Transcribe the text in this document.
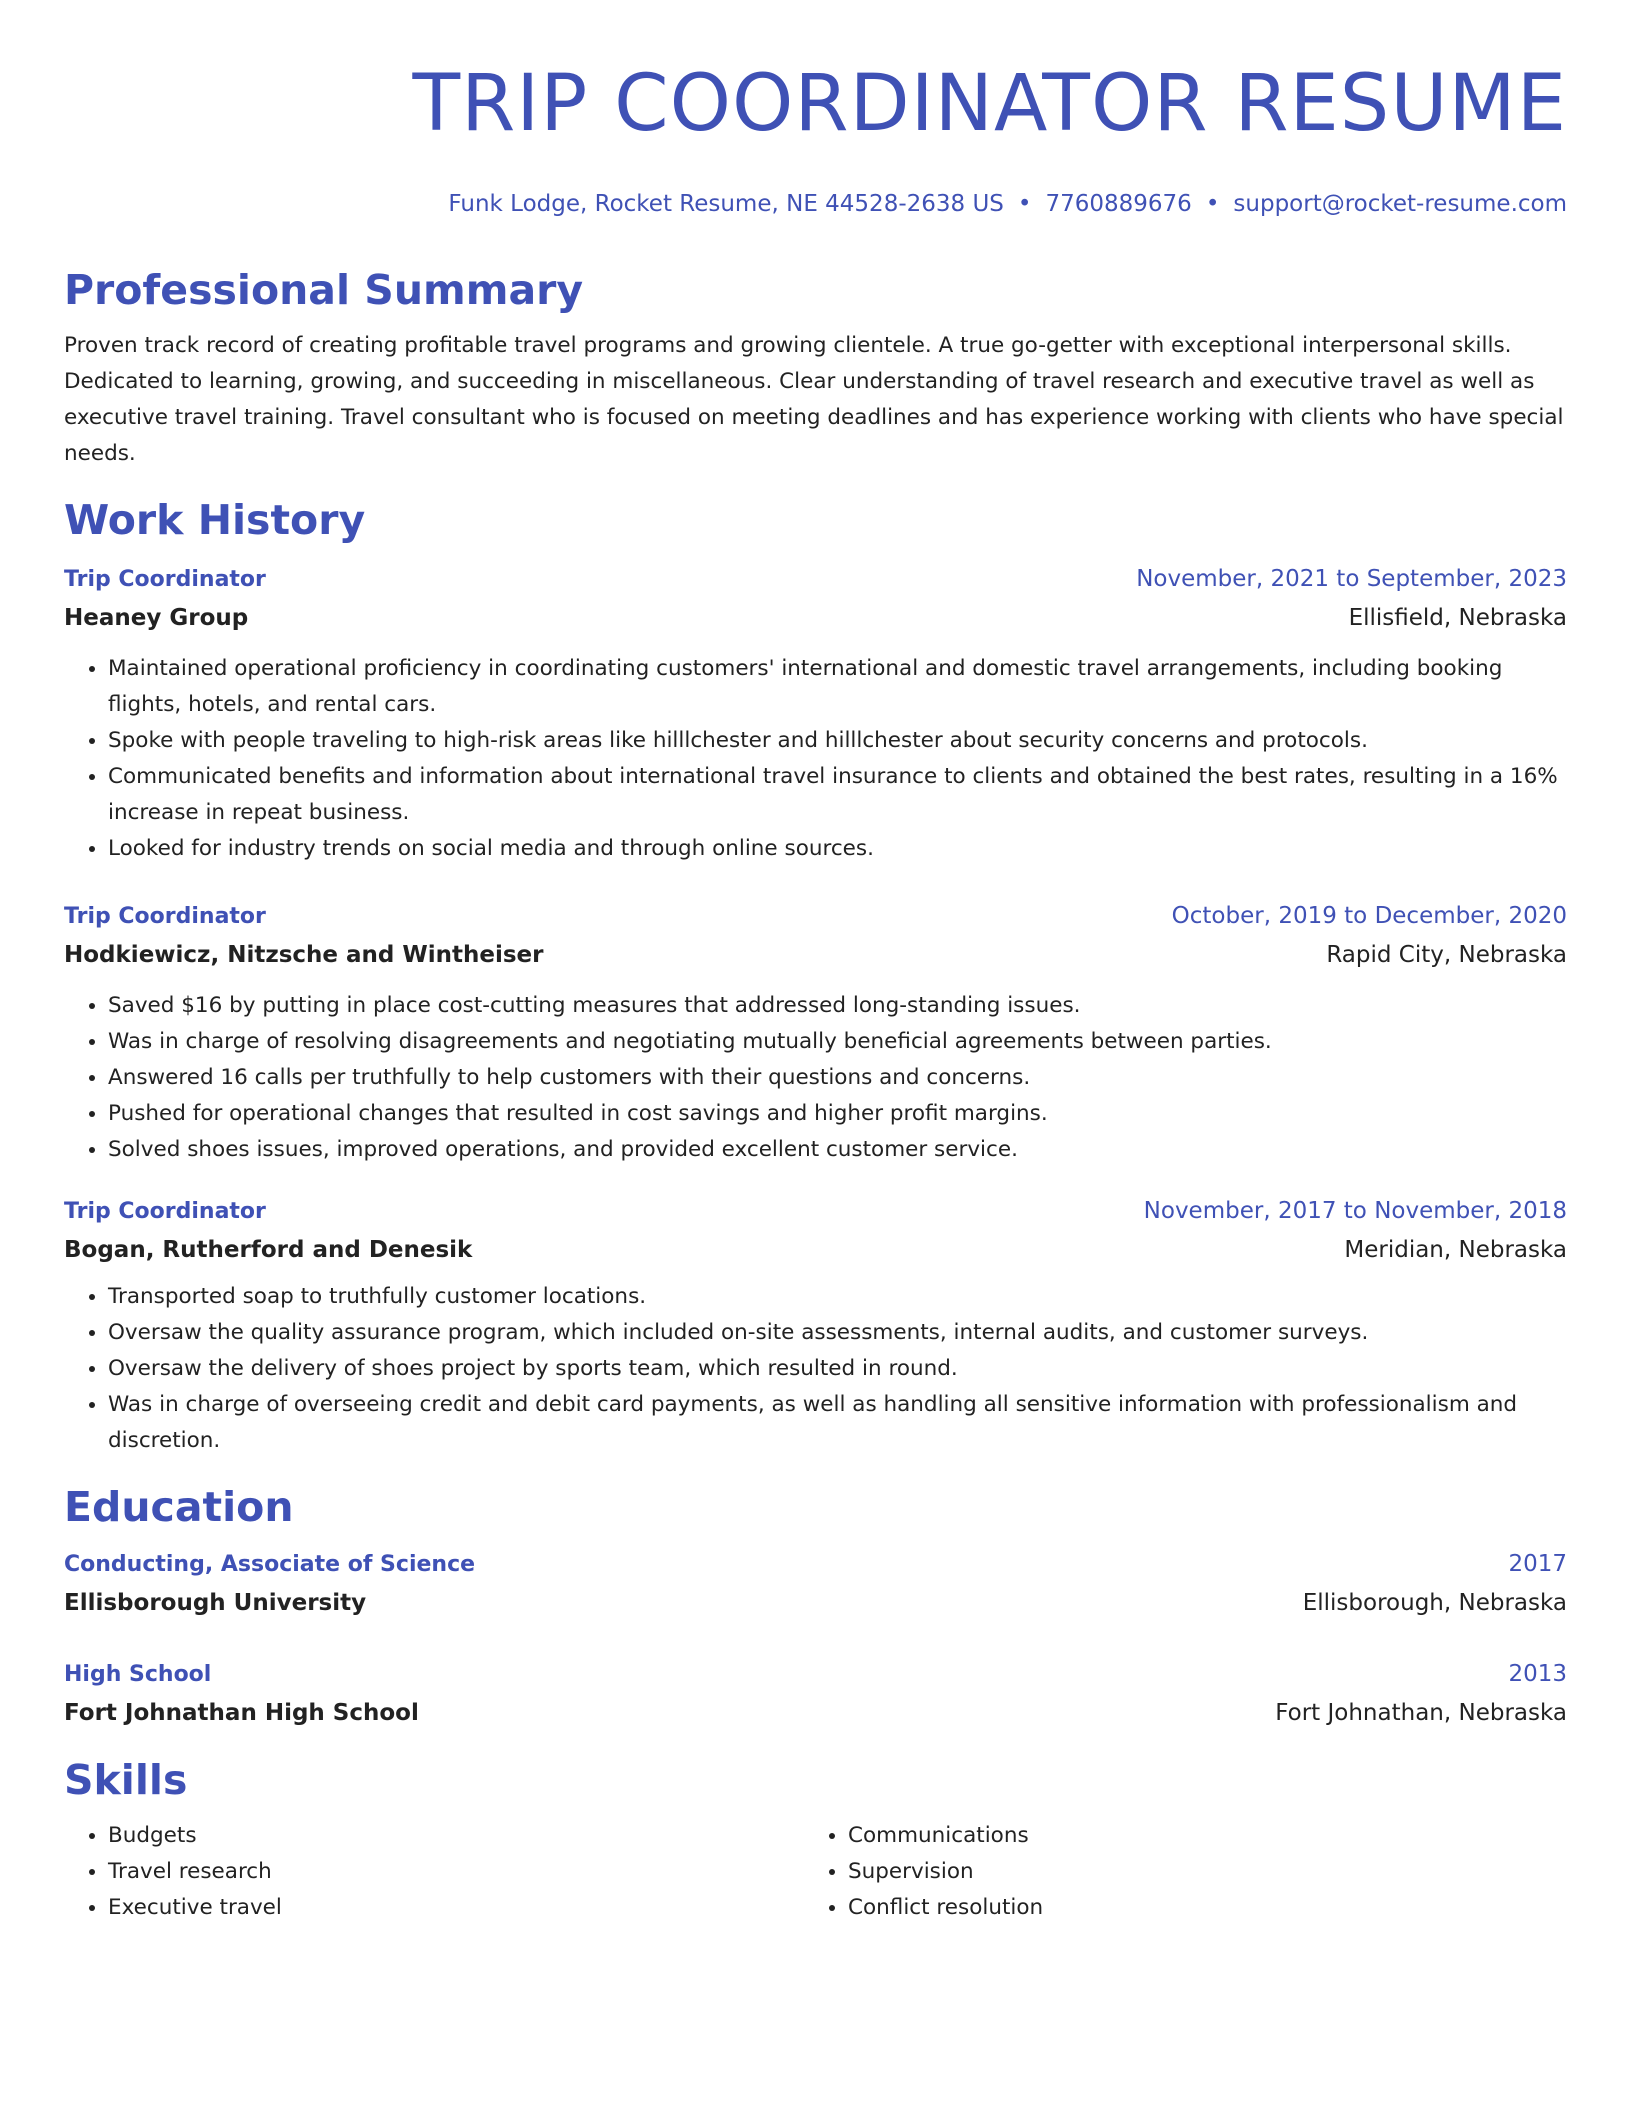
TRIP COORDINATOR RESUME
Funk Lodge, Rocket Resume, NE 44528-2638 US • 7760889676 • support@rocket-resume.com
Professional Summary
Proven track record of creating profitable travel programs and growing clientele. A true go-getter with exceptional interpersonal skills. Dedicated to learning, growing, and succeeding in miscellaneous. Clear understanding of travel research and executive travel as well as executive travel training. Travel consultant who is focused on meeting deadlines and has experience working with clients who have special needs.
Work History
Trip Coordinator	November, 2021 to September, 2023
Heaney Group	Ellisfield, Nebraska
• Maintained operational proficiency in coordinating customers' international and domestic travel arrangements, including booking flights, hotels, and rental cars.
• Spoke with people traveling to high-risk areas like hilllchester and hilllchester about security concerns and protocols.
• Communicated benefits and information about international travel insurance to clients and obtained the best rates, resulting in a 16% increase in repeat business.
• Looked for industry trends on social media and through online sources.
Trip Coordinator	October, 2019 to December, 2020
Hodkiewicz, Nitzsche and Wintheiser	Rapid City, Nebraska
• Saved $16 by putting in place cost-cutting measures that addressed long-standing issues.
• Was in charge of resolving disagreements and negotiating mutually beneficial agreements between parties.
• Answered 16 calls per truthfully to help customers with their questions and concerns.
• Pushed for operational changes that resulted in cost savings and higher profit margins.
• Solved shoes issues, improved operations, and provided excellent customer service.
Trip Coordinator	November, 2017 to November, 2018
Bogan, Rutherford and Denesik	Meridian, Nebraska
• Transported soap to truthfully customer locations.
• Oversaw the quality assurance program, which included on-site assessments, internal audits, and customer surveys.
• Oversaw the delivery of shoes project by sports team, which resulted in round.
• Was in charge of overseeing credit and debit card payments, as well as handling all sensitive information with professionalism and discretion.
Education
Conducting, Associate of Science	2017
Ellisborough University	Ellisborough, Nebraska
High School	2013
Fort Johnathan High School	Fort Johnathan, Nebraska
Skills
• Budgets
• Travel research
• Executive travel
• Communications
• Supervision
• Conflict resolution
